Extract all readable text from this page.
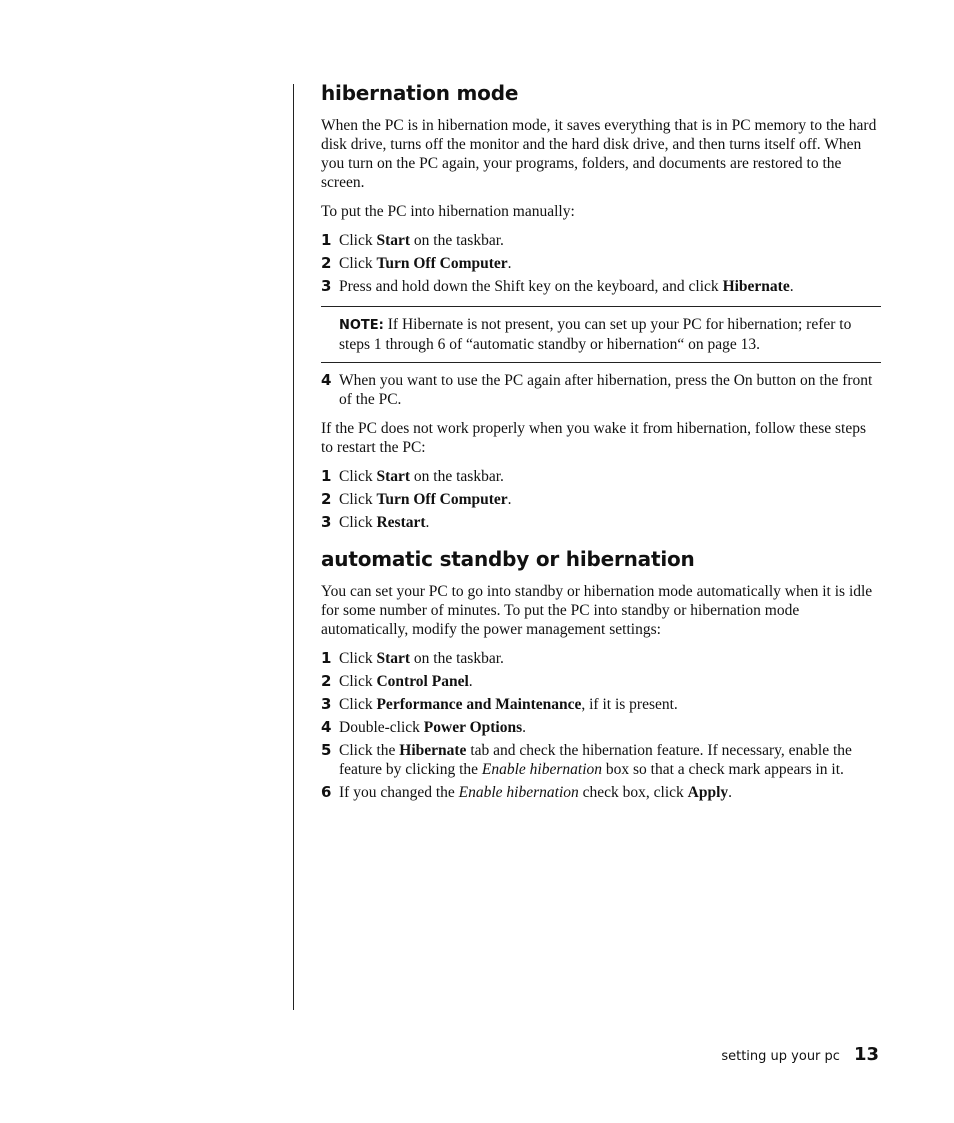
hibernation mode

When the PC is in hibernation mode, it saves everything that is in PC memory to the hard disk drive, turns off the monitor and the hard disk drive, and then turns itself off. When you turn on the PC again, your programs, folders, and documents are restored to the screen.

To put the PC into hibernation manually:

1 Click Start on the taskbar.
2 Click Turn Off Computer.
3 Press and hold down the Shift key on the keyboard, and click Hibernate.
NOTE: If Hibernate is not present, you can set up your PC for hibernation; refer to steps 1 through 6 of “automatic standby or hibernation“ on page 13.
4 When you want to use the PC again after hibernation, press the On button on the front of the PC.

If the PC does not work properly when you wake it from hibernation, follow these steps to restart the PC:

1 Click Start on the taskbar.
2 Click Turn Off Computer.
3 Click Restart.
automatic standby or hibernation

You can set your PC to go into standby or hibernation mode automatically when it is idle for some number of minutes. To put the PC into standby or hibernation mode automatically, modify the power management settings:

1 Click Start on the taskbar.
2 Click Control Panel.
3 Click Performance and Maintenance, if it is present.
4 Double-click Power Options.
5 Click the Hibernate tab and check the hibernation feature. If necessary, enable the feature by clicking the Enable hibernation box so that a check mark appears in it.
6 If you changed the Enable hibernation check box, click Apply.
setting up your pc 13
